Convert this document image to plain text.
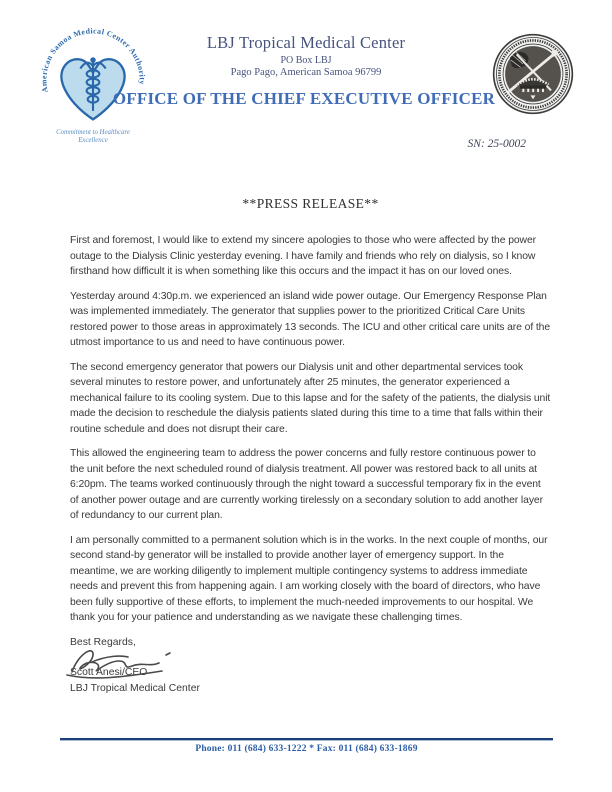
American Samoa Medical Center Authority
Commitment to Healthcare
Excellence
LBJ Tropical Medical Center
PO Box LBJ
Pago Pago, American Samoa 96799
OFFICE OF THE CHIEF EXECUTIVE OFFICER
SN: 25-0002
**PRESS RELEASE**

First and foremost, I would like to extend my sincere apologies to those who were affected by the power outage to the Dialysis Clinic yesterday evening. I have family and friends who rely on dialysis, so I know firsthand how difficult it is when something like this occurs and the impact it has on our loved ones.

Yesterday around 4:30p.m. we experienced an island wide power outage. Our Emergency Response Plan was implemented immediately. The generator that supplies power to the prioritized Critical Care Units restored power to those areas in approximately 13 seconds. The ICU and other critical care units are of the utmost importance to us and need to have continuous power.

The second emergency generator that powers our Dialysis unit and other departmental services took several minutes to restore power, and unfortunately after 25 minutes, the generator experienced a mechanical failure to its cooling system. Due to this lapse and for the safety of the patients, the dialysis unit made the decision to reschedule the dialysis patients slated during this time to a time that falls within their routine schedule and does not disrupt their care.

This allowed the engineering team to address the power concerns and fully restore continuous power to the unit before the next scheduled round of dialysis treatment. All power was restored back to all units at 6:20pm. The teams worked continuously through the night toward a successful temporary fix in the event of another power outage and are currently working tirelessly on a secondary solution to add another layer of redundancy to our current plan.

I am personally committed to a permanent solution which is in the works. In the next couple of months, our second stand-by generator will be installed to provide another layer of emergency support. In the meantime, we are working diligently to implement multiple contingency systems to address immediate needs and prevent this from happening again. I am working closely with the board of directors, who have been fully supportive of these efforts, to implement the much-needed improvements to our hospital. We thank you for your patience and understanding as we navigate these challenging times.

Best Regards,
Scott Anesi/CEO
LBJ Tropical Medical Center
Phone: 011 (684) 633-1222 * Fax: 011 (684) 633-1869
